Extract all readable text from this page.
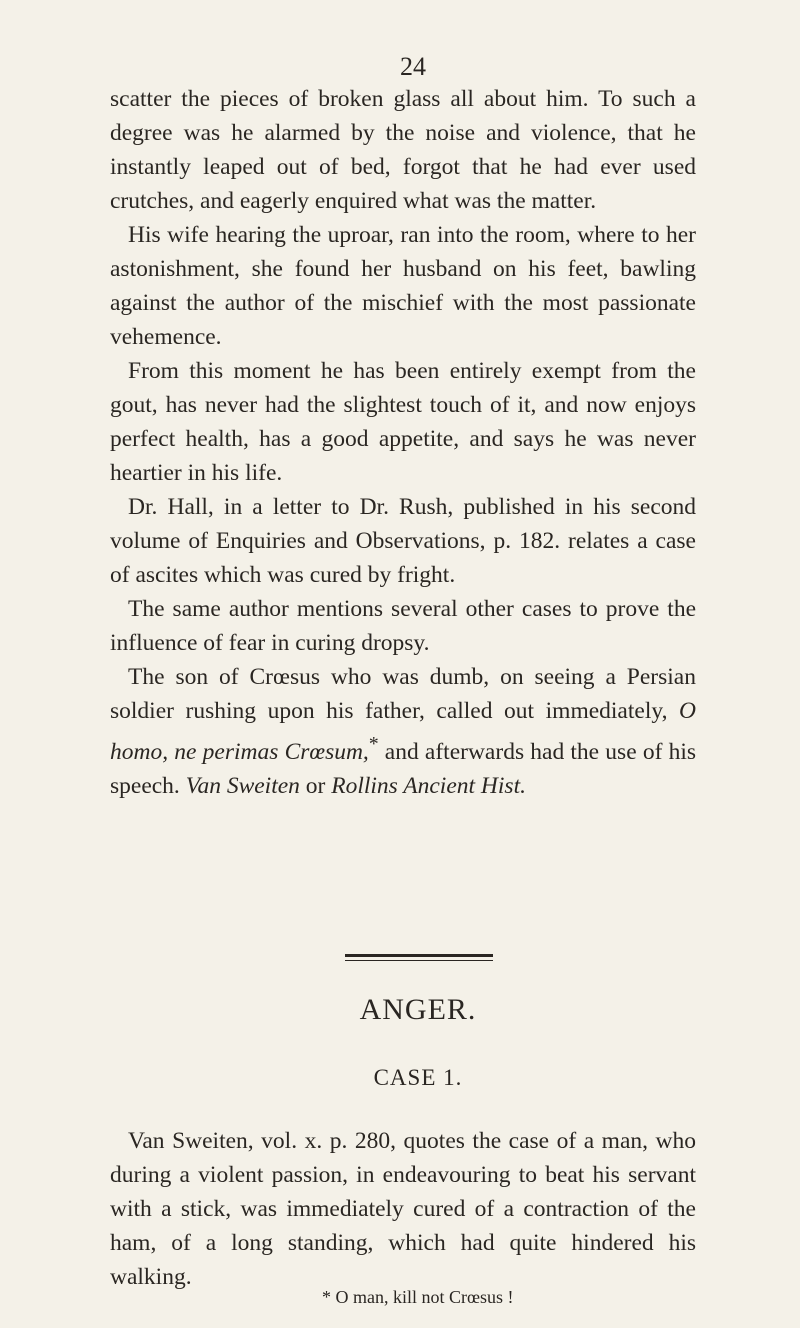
24

scatter the pieces of broken glass all about him. To such a degree was he alarmed by the noise and violence, that he instantly leaped out of bed, forgot that he had ever used crutches, and eagerly enquired what was the matter.

His wife hearing the uproar, ran into the room, where to her astonishment, she found her husband on his feet, bawling against the author of the mischief with the most passionate vehemence.

From this moment he has been entirely exempt from the gout, has never had the slightest touch of it, and now enjoys perfect health, has a good appetite, and says he was never heartier in his life.

Dr. Hall, in a letter to Dr. Rush, published in his second volume of Enquiries and Observations, p. 182. relates a case of ascites which was cured by fright.

The same author mentions several other cases to prove the influence of fear in curing dropsy.

The son of Crœsus who was dumb, on seeing a Persian soldier rushing upon his father, called out immediately, O homo, ne perimas Crœsum,* and afterwards had the use of his speech. Van Sweiten or Rollins Ancient Hist.

ANGER.
CASE 1.

Van Sweiten, vol. x. p. 280, quotes the case of a man, who during a violent passion, in endeavouring to beat his servant with a stick, was immediately cured of a contraction of the ham, of a long standing, which had quite hindered his walking.

* O man, kill not Crœsus !
